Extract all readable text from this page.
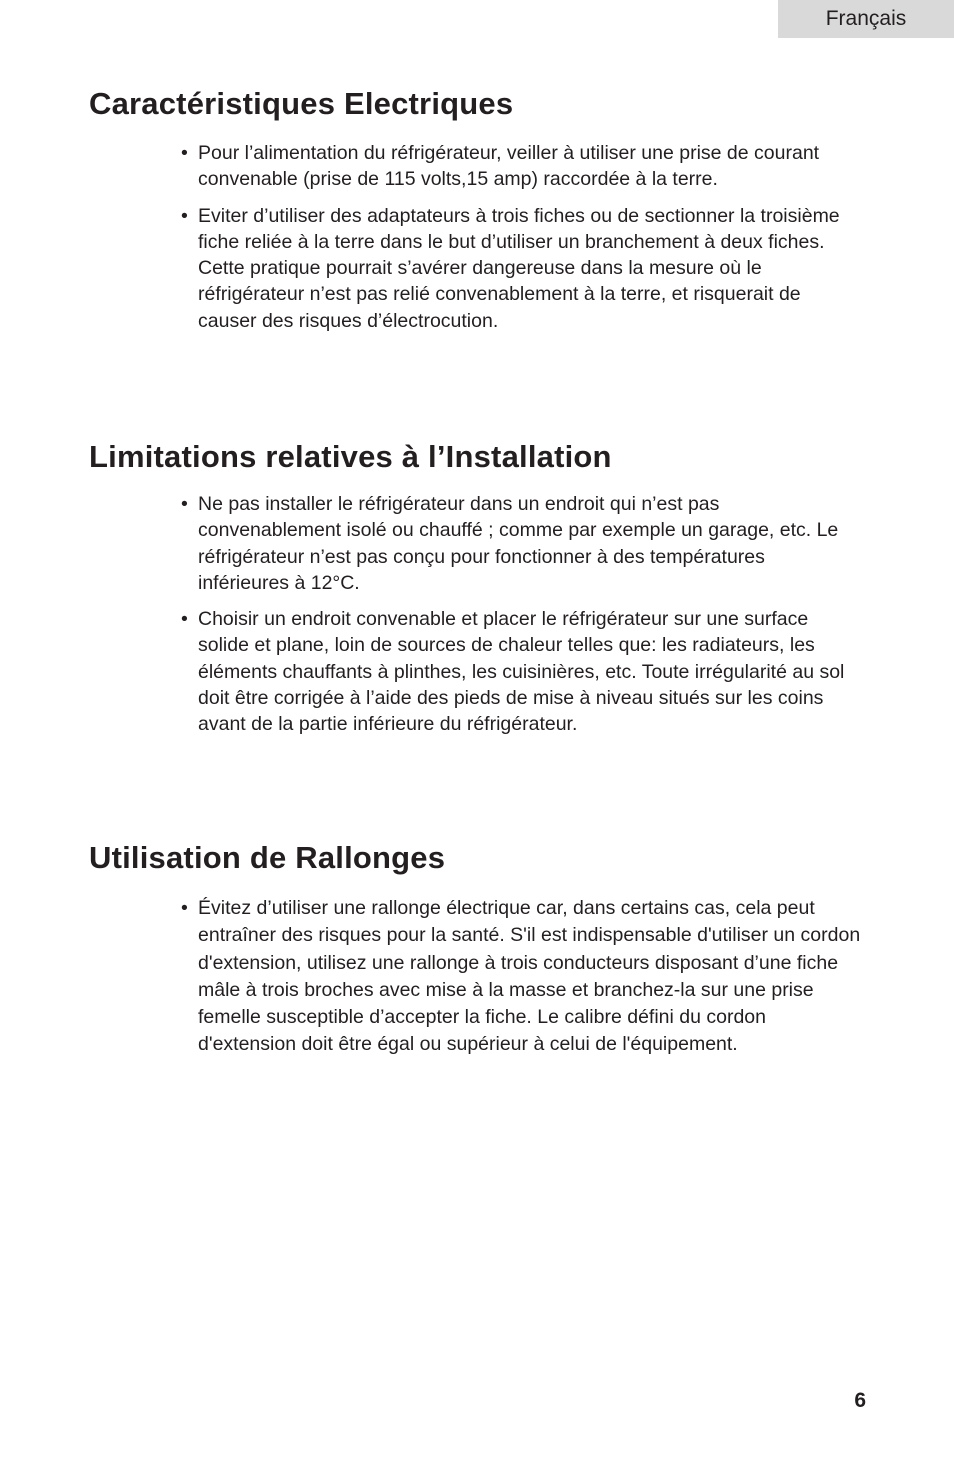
Français
Caractéristiques Electriques
• Pour l’alimentation du réfrigérateur, veiller à utiliser une prise de courant convenable (prise de 115 volts,15 amp) raccordée à la terre.
• Eviter d’utiliser des adaptateurs à trois fiches ou de sectionner la troisième fiche reliée à la terre dans le but d’utiliser un branchement à deux fiches. Cette pratique pourrait s’avérer dangereuse dans la mesure où le réfrigérateur n’est pas relié convenablement à la terre, et risquerait de causer des risques d’électrocution.
Limitations relatives à l’Installation
• Ne pas installer le réfrigérateur dans un endroit qui n’est pas convenablement isolé ou chauffé ; comme par exemple un garage, etc. Le réfrigérateur n’est pas conçu pour fonctionner à des températures inférieures à 12°C.
• Choisir un endroit convenable et placer le réfrigérateur sur une surface solide et plane, loin de sources de chaleur telles que: les radiateurs, les éléments chauffants à plinthes, les cuisinières, etc. Toute irrégularité au sol doit être corrigée à l’aide des pieds de mise à niveau situés sur les coins avant de la partie inférieure du réfrigérateur.
Utilisation de Rallonges
• Évitez d’utiliser une rallonge électrique car, dans certains cas, cela peut entraîner des risques pour la santé. S'il est indispensable d'utiliser un cordon d'extension, utilisez une rallonge à trois conducteurs disposant d’une fiche mâle à trois broches avec mise à la masse et branchez-la sur une prise femelle susceptible d’accepter la fiche. Le calibre défini du cordon d'extension doit être égal ou supérieur à celui de l'équipement.
6
